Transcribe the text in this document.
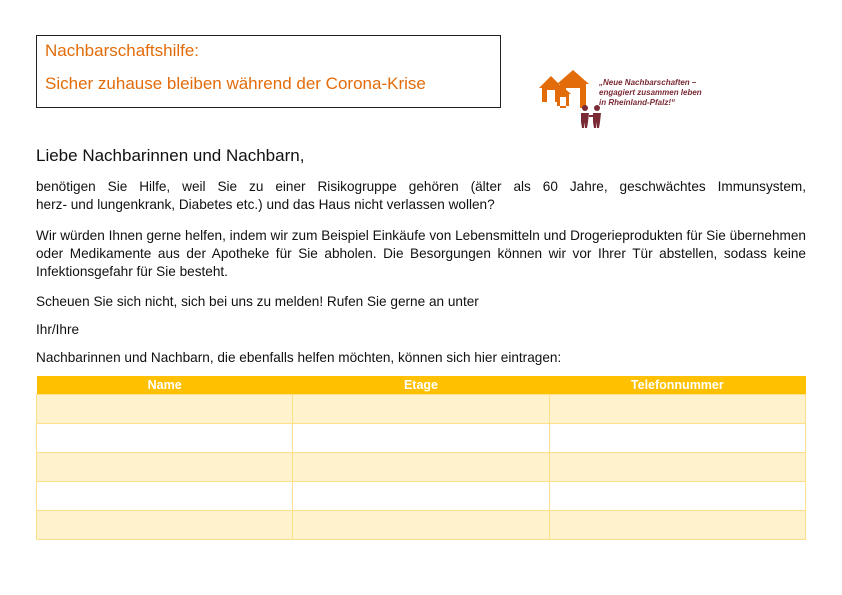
Nachbarschaftshilfe:
Sicher zuhause bleiben während der Corona-Krise	„Neue Nachbarschaften –
engagiert zusammen leben
in Rheinland-Pfalz!“
Liebe Nachbarinnen und Nachbarn,
benötigen Sie Hilfe, weil Sie zu einer Risikogruppe gehören (älter als 60 Jahre, geschwächtes Immunsystem,
herz- und lungenkrank, Diabetes etc.) und das Haus nicht verlassen wollen?
Wir würden Ihnen gerne helfen, indem wir zum Beispiel Einkäufe von Lebensmitteln und Drogerieprodukten für Sie übernehmen oder Medikamente aus der Apotheke für Sie abholen. Die Besorgungen können wir vor Ihrer Tür abstellen, sodass keine Infektionsgefahr für Sie besteht.
Scheuen Sie sich nicht, sich bei uns zu melden! Rufen Sie gerne an unter
Ihr/Ihre
Nachbarinnen und Nachbarn, die ebenfalls helfen möchten, können sich hier eintragen:
Name	Etage	Telefonnummer
